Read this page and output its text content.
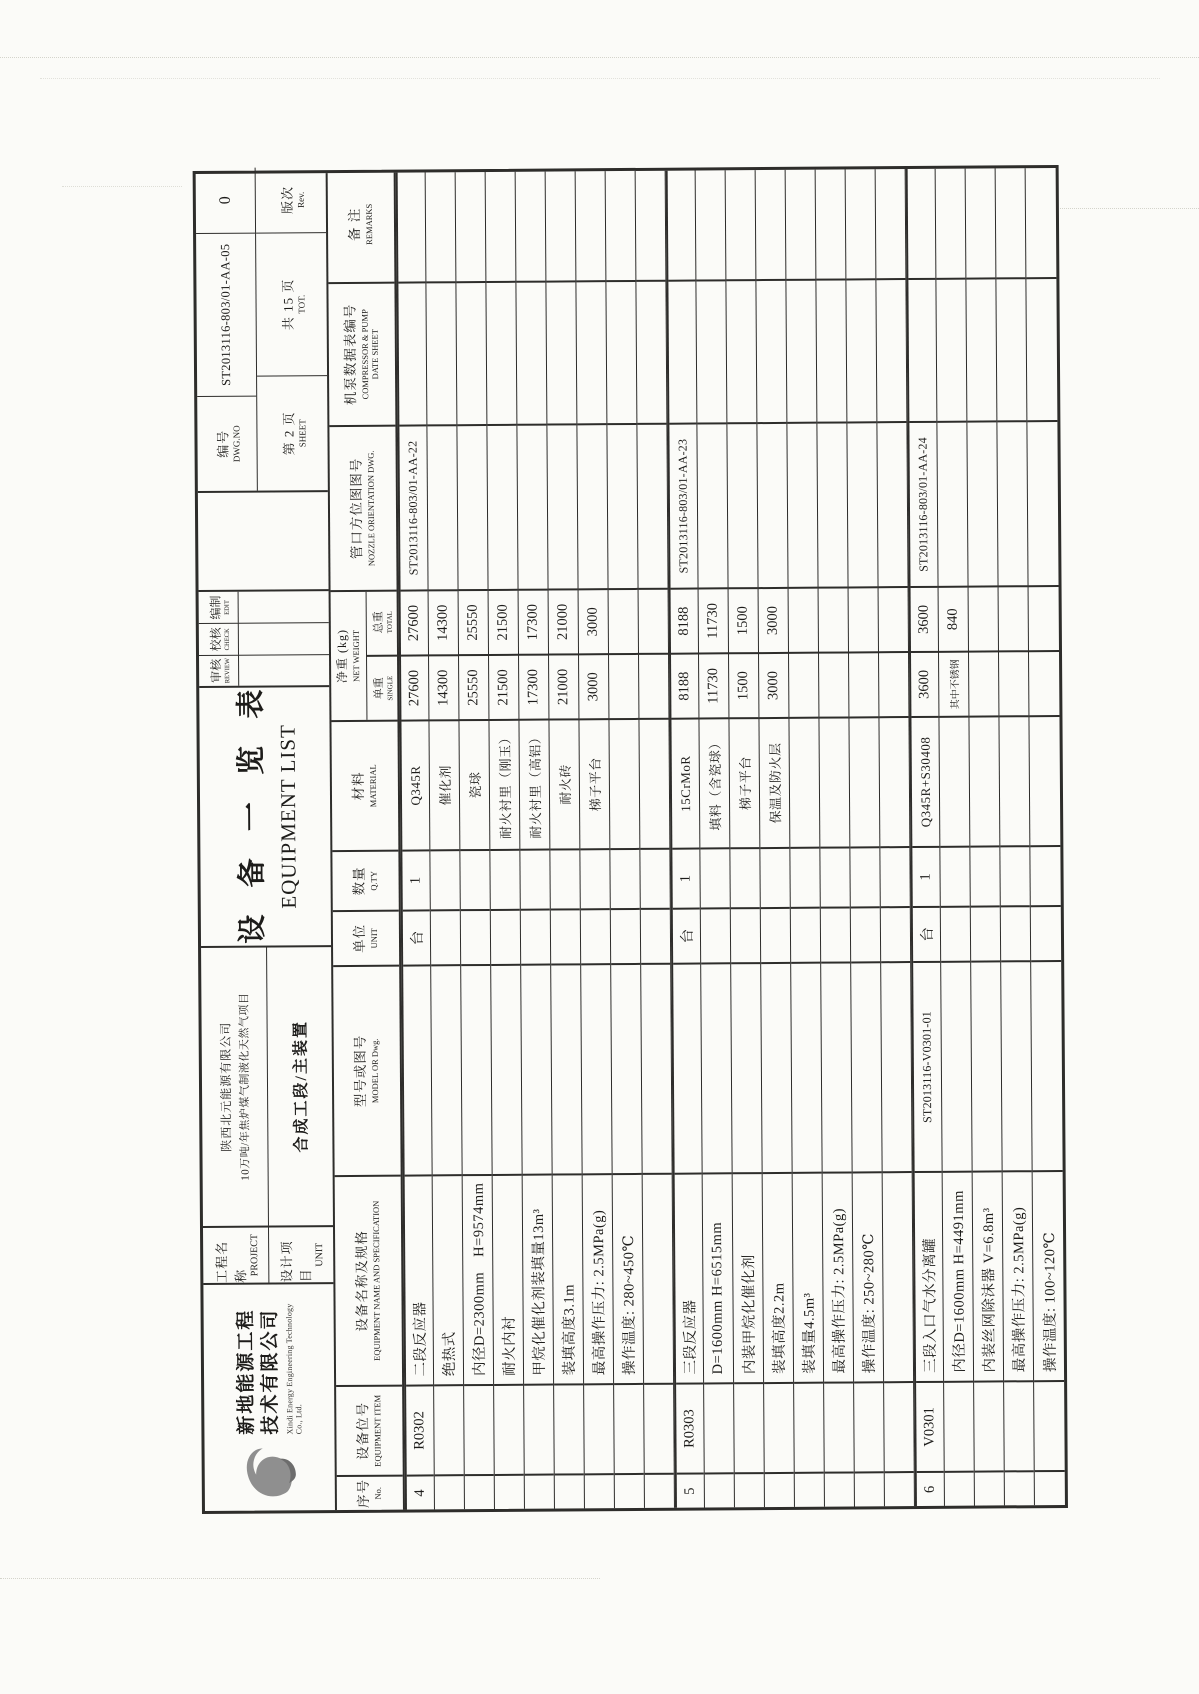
新地能源工程 技术有限公司 Xindi Energy Engineering Technology Co., Ltd.
工程名称 PROJECT 设计项目
UNIT
陕西北元能源有限公司 10万吨/年焦炉煤气制液化天然气项目	合成工段/主装置
设 备 一 览 表 EQUIPMENT LIST
审核 REVIEW
校核 CHECK
编制 EDIT
编号 DWG.NO
ST2013116-803/01-AA-05
0
第 2 页 SHEET
共 15 页 TOT.
版次 Rev.
序号 No.
设备位号 EQUIPMENT ITEM
设备名称及规格 EQUIPMENT NAME AND SPECIFICATION
型号或图号 MODEL OR Dwg.
单位 UNIT
数量 Q.TY
材料 MATERIAL
净重 (kg) NET WEIGHT
单重 SINGLE
总重 TOTAL
管口方位图图号 NOZZLE ORIENTATION DWG.
机泵数据表编号 COMPRESSOR & PUMP DATE SHEET
备 注 REMARKS
4
R0302
二段反应器
台
1
Q345R
27600
27600
ST2013116-803/01-AA-22
绝热式
催化剂
14300
14300
内径D=2300mm　H=9574mm
瓷球
25550
25550
耐火内衬
耐火衬里（刚玉）
21500
21500
甲烷化催化剂装填量13m³
耐火衬里（高铝）
17300
17300
装填高度3.1m
耐火砖
21000
21000
最高操作压力: 2.5MPa(g)
梯子平台
3000
3000
操作温度: 280~450℃
5
R0303
三段反应器
台
1
15CrMoR
8188
8188
ST2013116-803/01-AA-23
D=1600mm H=6515mm
填料（含瓷球）
11730
11730
内装甲烷化催化剂
梯子平台
1500
1500
装填高度2.2m
保温及防火层
3000
3000
装填量4.5m³ 最高操作压力: 2.5MPa(g) 操作温度: 250~280℃
6
V0301
三段入口气水分离罐
ST2013116-V0301-01
台
1
Q345R+S30408
3600
3600
ST2013116-803/01-AA-24
内径D=1600mm H=4491mm
其中不锈钢
840
内装丝网除沫器 V=6.8m³ 最高操作压力: 2.5MPa(g) 操作温度: 100~120℃
